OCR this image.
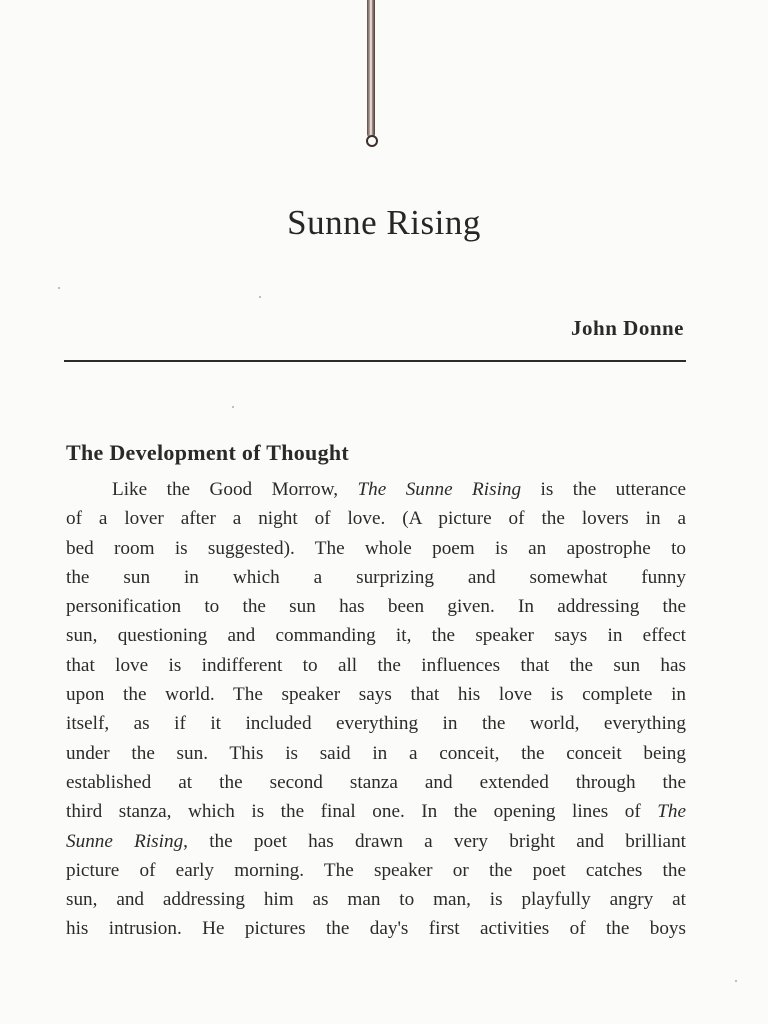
Sunne Rising
John Donne
The Development of Thought
Like the Good Morrow, The Sunne Rising is the utterance
of a lover after a night of love. (A picture of the lovers in a
bed room is suggested). The whole poem is an apostrophe to
the sun in which a surprizing and somewhat funny
personification to the sun has been given. In addressing the
sun, questioning and commanding it, the speaker says in effect
that love is indifferent to all the influences that the sun has
upon the world. The speaker says that his love is complete in
itself, as if it included everything in the world, everything
under the sun. This is said in a conceit, the conceit being
established at the second stanza and extended through the
third stanza, which is the final one. In the opening lines of The
Sunne Rising, the poet has drawn a very bright and brilliant
picture of early morning. The speaker or the poet catches the
sun, and addressing him as man to man, is playfully angry at
his intrusion. He pictures the day's first activities of the boys
